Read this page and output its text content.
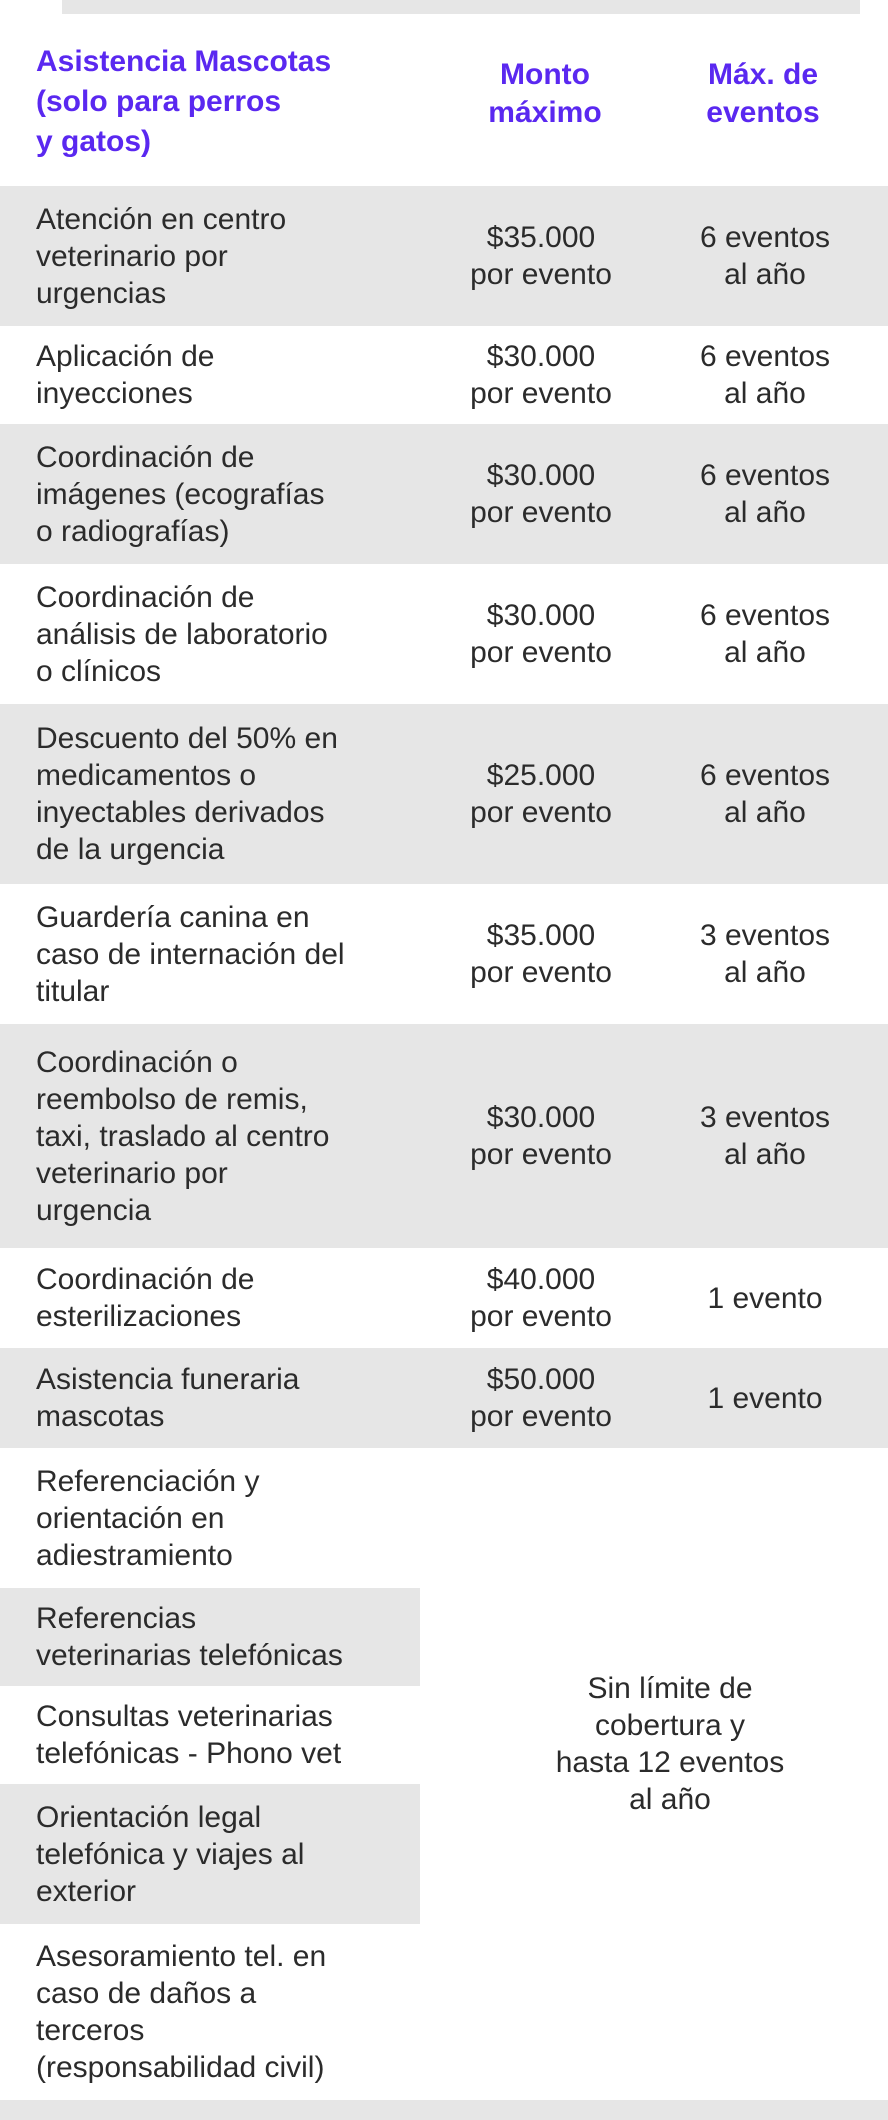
Asistencia Mascotas
(solo para perros
y gatos)
Monto
máximo
Máx. de
eventos
Atención en centro
veterinario por
urgencias
$35.000
por evento
6 eventos
al año
Aplicación de
inyecciones
$30.000
por evento
6 eventos
al año
Coordinación de
imágenes (ecografías
o radiografías)
$30.000
por evento
6 eventos
al año
Coordinación de
análisis de laboratorio
o clínicos
$30.000
por evento
6 eventos
al año
Descuento del 50% en
medicamentos o
inyectables derivados
de la urgencia
$25.000
por evento
6 eventos
al año
Guardería canina en
caso de internación del
titular
$35.000
por evento
3 eventos
al año
Coordinación o
reembolso de remis,
taxi, traslado al centro
veterinario por
urgencia
$30.000
por evento
3 eventos
al año
Coordinación de
esterilizaciones
$40.000
por evento
1 evento
Asistencia funeraria
mascotas
$50.000
por evento
1 evento
Referenciación y
orientación en
adiestramiento
Referencias
veterinarias telefónicas
Consultas veterinarias
telefónicas - Phono vet
Orientación legal
telefónica y viajes al
exterior
Asesoramiento tel. en
caso de daños a
terceros
(responsabilidad civil)
Sin límite de
cobertura y
hasta 12 eventos
al año
